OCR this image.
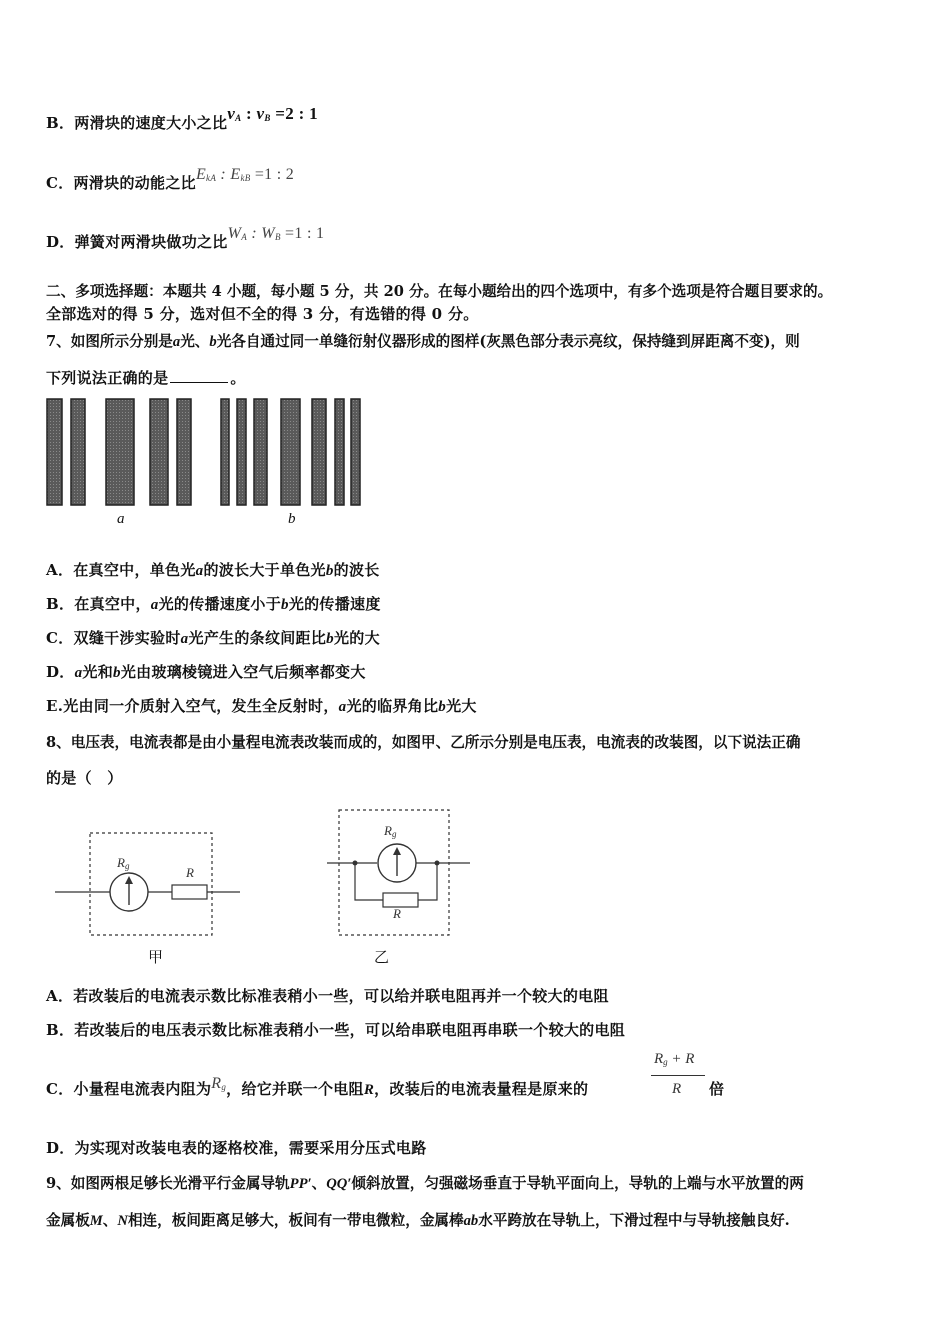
B．两滑块的速度大小之比$v_A$ : $v_B =2$ : 1
C．两滑块的动能之比$E_{kA}$ : $E_{kB} =1$ : 2
D．弹簧对两滑块做功之比$W_A$ : $W_B =1$ : 1
二、多项选择题：本题共 4 小题，每小题 5 分，共 20 分。在每小题给出的四个选项中，有多个选项是符合题目要求的。
全部选对的得 5 分，选对但不全的得 3 分，有选错的得 0 分。
7、如图所示分别是a光、b光各自通过同一单缝衍射仪器形成的图样(灰黑色部分表示亮纹，保持缝到屏距离不变)，则
下列说法正确的是	。
a	b
A．在真空中，单色光a的波长大于单色光b的波长
B．在真空中，a光的传播速度小于b光的传播速度
C．双缝干涉实验时a光产生的条纹间距比b光的大
D．a光和b光由玻璃棱镜进入空气后频率都变大
E.光由同一介质射入空气，发生全反射时，a光的临界角比b光大
8、电压表，电流表都是由小量程电流表改装而成的，如图甲、乙所示分别是电压表，电流表的改装图，以下说法正确
的是（　）
$R_g$	R
甲
$R_g$
R
乙
A．若改装后的电流表示数比标准表稍小一些，可以给并联电阻再并一个较大的电阻
B．若改装后的电压表示数比标准表稍小一些，可以给串联电阻再串联一个较大的电阻
C．小量程电流表内阻为$R_g$，给它并联一个电阻R，改装后的电流表量程是原来的
$R_g + R$
R 倍
D．为实现对改装电表的逐格校准，需要采用分压式电路
9、如图两根足够长光滑平行金属导轨PP′、QQ′倾斜放置，匀强磁场垂直于导轨平面向上，导轨的上端与水平放置的两
金属板M、N相连，板间距离足够大，板间有一带电微粒，金属棒ab水平跨放在导轨上，下滑过程中与导轨接触良好.
